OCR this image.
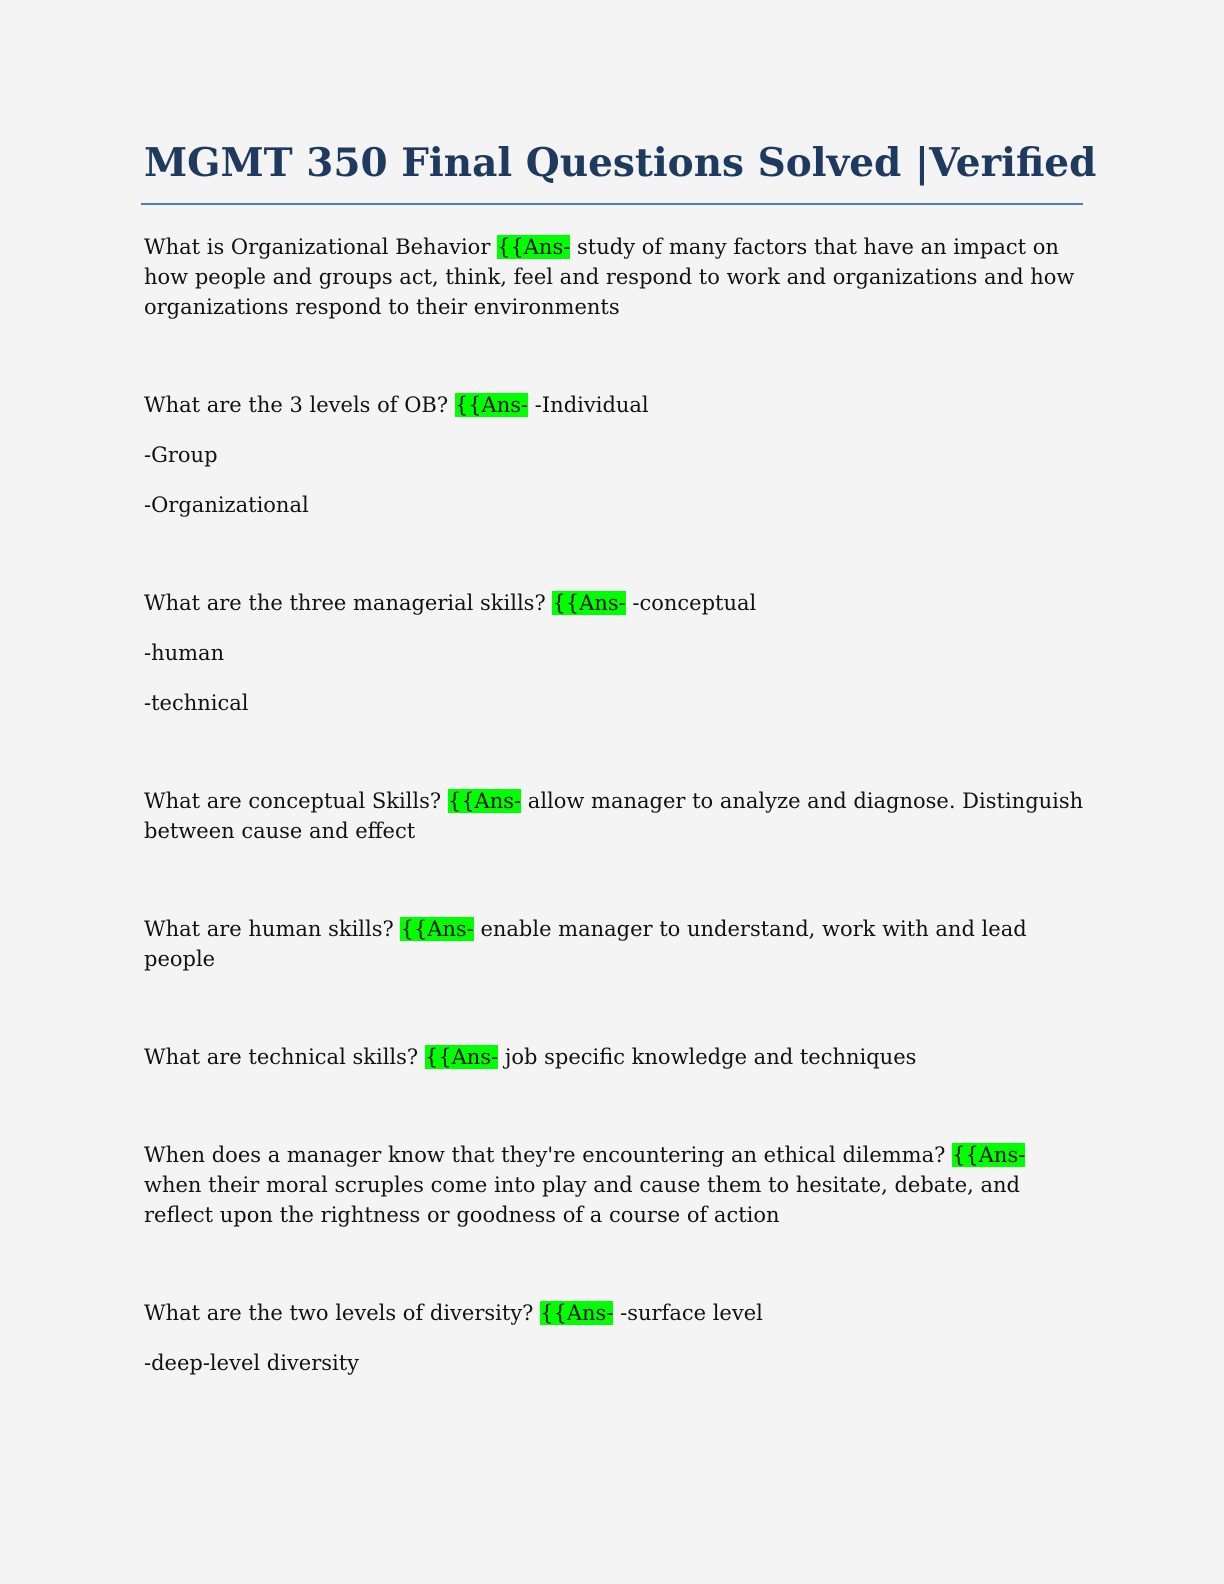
MGMT 350 Final Questions Solved |Verified

What is Organizational Behavior {{Ans- study of many factors that have an impact on how people and groups act, think, feel and respond to work and organizations and how organizations respond to their environments

What are the 3 levels of OB? {{Ans- -Individual

-Group

-Organizational

What are the three managerial skills? {{Ans- -conceptual

-human

-technical

What are conceptual Skills? {{Ans- allow manager to analyze and diagnose. Distinguish between cause and effect

What are human skills? {{Ans- enable manager to understand, work with and lead people

What are technical skills? {{Ans- job specific knowledge and techniques

When does a manager know that they're encountering an ethical dilemma? {{Ans- when their moral scruples come into play and cause them to hesitate, debate, and reflect upon the rightness or goodness of a course of action

What are the two levels of diversity? {{Ans- -surface level

-deep-level diversity
